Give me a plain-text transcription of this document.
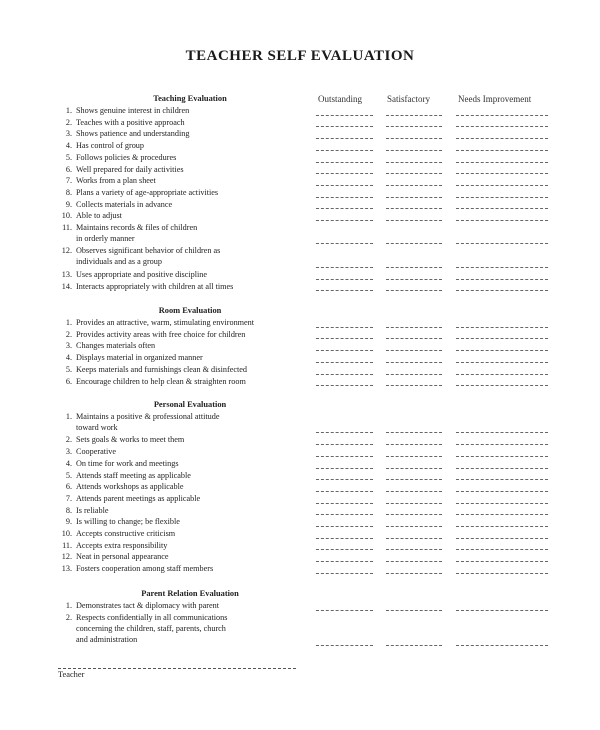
TEACHER SELF EVALUATION
Outstanding	Satisfactory	Needs Improvement
Teaching Evaluation
1. Shows genuine interest in children
2. Teaches with a positive approach
3. Shows patience and understanding
4. Has control of group
5. Follows policies & procedures
6. Well prepared for daily activities
7. Works from a plan sheet
8. Plans a variety of age-appropriate activities
9. Collects materials in advance
10. Able to adjust
11. Maintains records & files of children
in orderly manner
12. Observes significant behavior of children as
individuals and as a group
13. Uses appropriate and positive discipline
14. Interacts appropriately with children at all times
Room Evaluation
1. Provides an attractive, warm, stimulating environment
2. Provides activity areas with free choice for children
3. Changes materials often
4. Displays material in organized manner
5. Keeps materials and furnishings clean & disinfected
6. Encourage children to help clean & straighten room
Personal Evaluation
1. Maintains a positive & professional attitude
toward work
2. Sets goals & works to meet them
3. Cooperative
4. On time for work and meetings
5. Attends staff meeting as applicable
6. Attends workshops as applicable
7. Attends parent meetings as applicable
8. Is reliable
9. Is willing to change; be flexible
10. Accepts constructive criticism
11. Accepts extra responsibility
12. Neat in personal appearance
13. Fosters cooperation among staff members
Parent Relation Evaluation
1. Demonstrates tact & diplomacy with parent
2. Respects confidentially in all communications
concerning the children, staff, parents, church
and administration
Teacher
